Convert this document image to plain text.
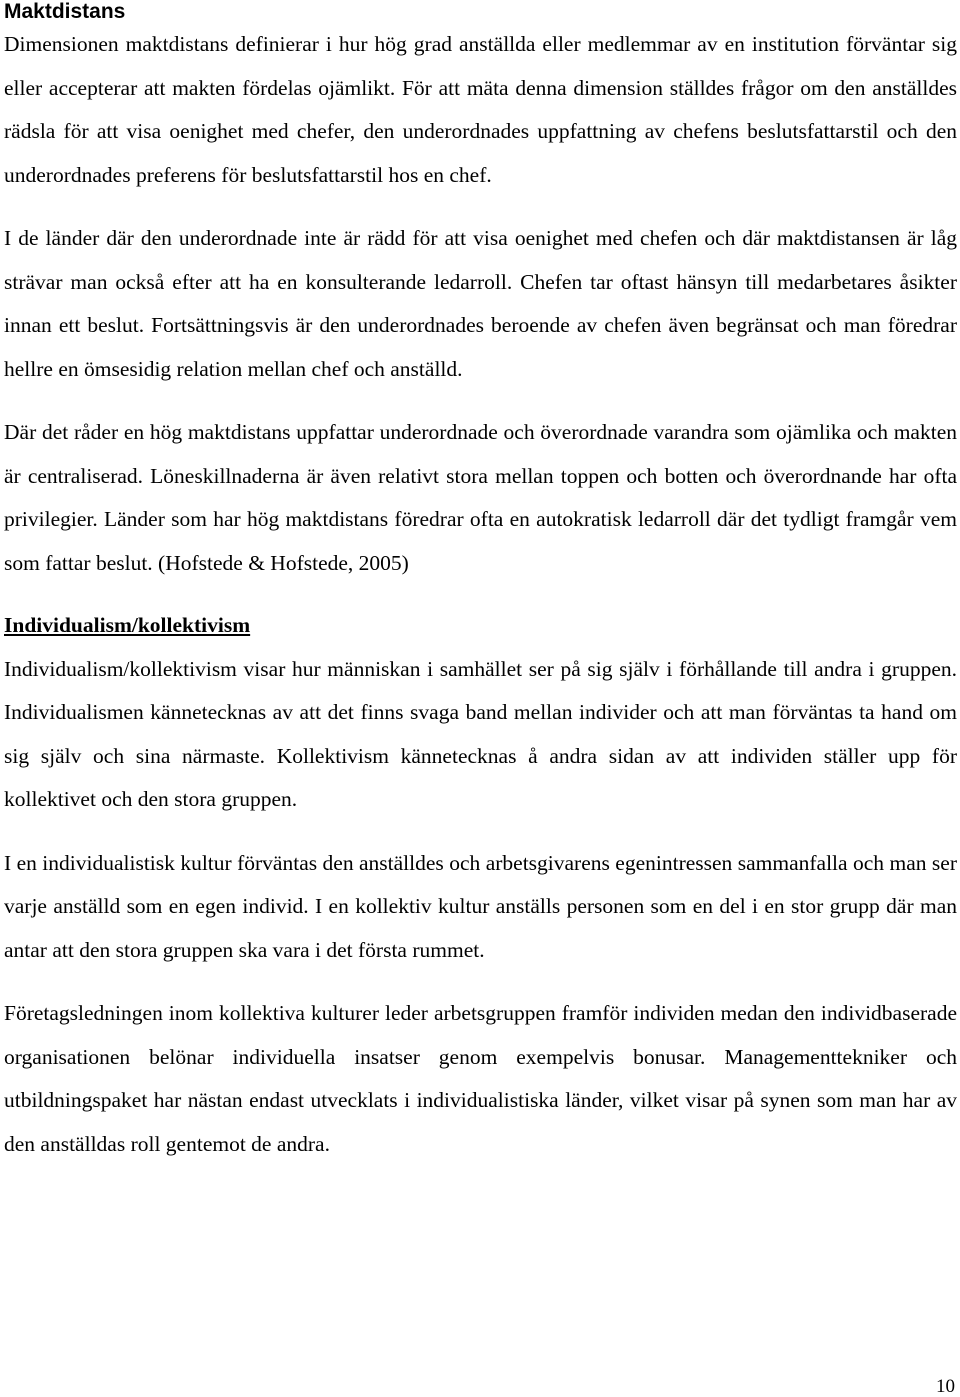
Maktdistans

Dimensionen maktdistans definierar i hur hög grad anställda eller medlemmar av en institution förväntar sig eller accepterar att makten fördelas ojämlikt. För att mäta denna dimension ställdes frågor om den anställdes rädsla för att visa oenighet med chefer, den underordnades uppfattning av chefens beslutsfattarstil och den underordnades preferens för beslutsfattarstil hos en chef.

I de länder där den underordnade inte är rädd för att visa oenighet med chefen och där maktdistansen är låg strävar man också efter att ha en konsulterande ledarroll. Chefen tar oftast hänsyn till medarbetares åsikter innan ett beslut. Fortsättningsvis är den underordnades beroende av chefen även begränsat och man föredrar hellre en ömsesidig relation mellan chef och anställd.

Där det råder en hög maktdistans uppfattar underordnade och överordnade varandra som ojämlika och makten är centraliserad. Löneskillnaderna är även relativt stora mellan toppen och botten och överordnande har ofta privilegier. Länder som har hög maktdistans föredrar ofta en autokratisk ledarroll där det tydligt framgår vem som fattar beslut. (Hofstede & Hofstede, 2005)

Individualism/kollektivism

Individualism/kollektivism visar hur människan i samhället ser på sig själv i förhållande till andra i gruppen. Individualismen kännetecknas av att det finns svaga band mellan individer och att man förväntas ta hand om sig själv och sina närmaste. Kollektivism kännetecknas å andra sidan av att individen ställer upp för kollektivet och den stora gruppen.

I en individualistisk kultur förväntas den anställdes och arbetsgivarens egenintressen sammanfalla och man ser varje anställd som en egen individ. I en kollektiv kultur anställs personen som en del i en stor grupp där man antar att den stora gruppen ska vara i det första rummet.

Företagsledningen inom kollektiva kulturer leder arbetsgruppen framför individen medan den individbaserade organisationen belönar individuella insatser genom exempelvis bonusar. Managementtekniker och utbildningspaket har nästan endast utvecklats i individualistiska länder, vilket visar på synen som man har av den anställdas roll gentemot de andra.

10
